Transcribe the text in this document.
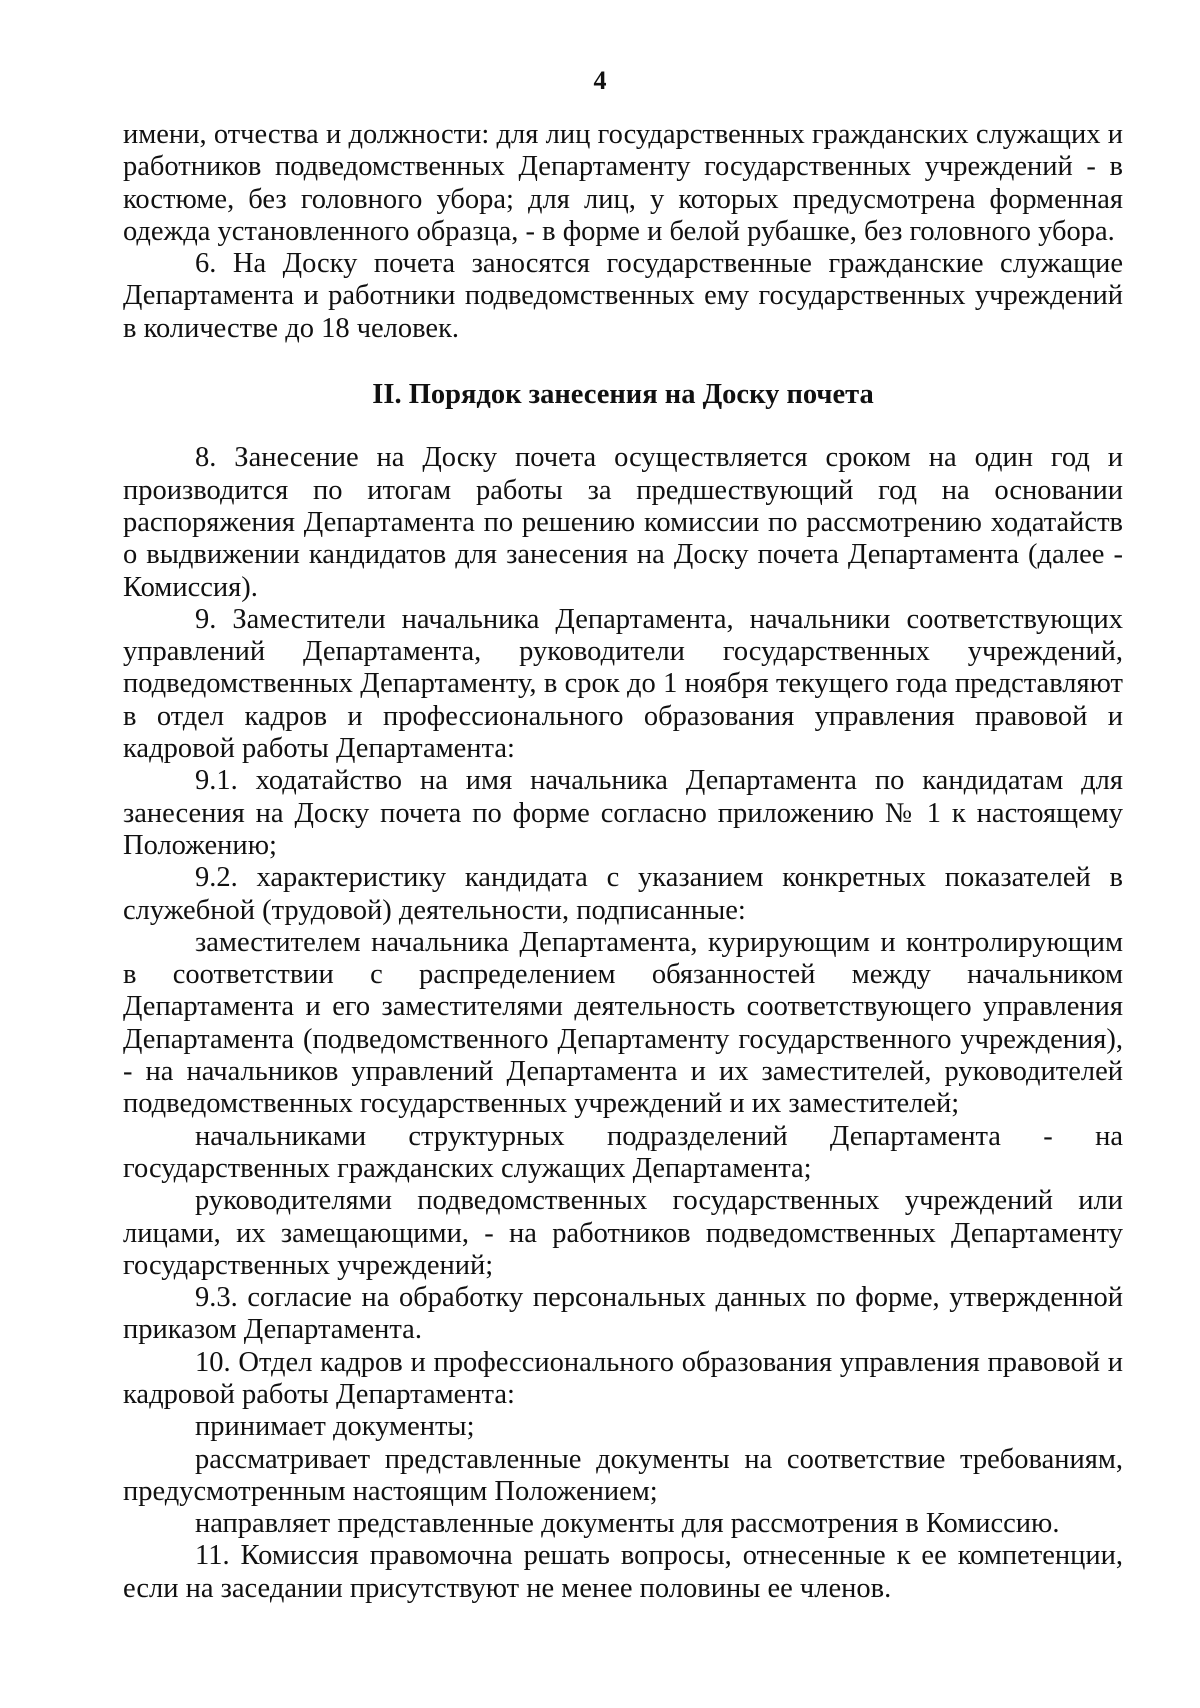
4

имени, отчества и должности: для лиц государственных гражданских служащих и работников подведомственных Департаменту государственных учреждений - в костюме, без головного убора; для лиц, у которых предусмотрена форменная одежда установленного образца, - в форме и белой рубашке, без головного убора.

6. На Доску почета заносятся государственные гражданские служащие Департамента и работники подведомственных ему государственных учреждений в количестве до 18 человек.

II. Порядок занесения на Доску почета

8. Занесение на Доску почета осуществляется сроком на один год и производится по итогам работы за предшествующий год на основании распоряжения Департамента по решению комиссии по рассмотрению ходатайств о выдвижении кандидатов для занесения на Доску почета Департамента (далее - Комиссия).

9. Заместители начальника Департамента, начальники соответствующих управлений Департамента, руководители государственных учреждений, подведомственных Департаменту, в срок до 1 ноября текущего года представляют в отдел кадров и профессионального образования управления правовой и кадровой работы Департамента:

9.1. ходатайство на имя начальника Департамента по кандидатам для занесения на Доску почета по форме согласно приложению № 1 к настоящему Положению;

9.2. характеристику кандидата с указанием конкретных показателей в служебной (трудовой) деятельности, подписанные:

заместителем начальника Департамента, курирующим и контролирующим в соответствии с распределением обязанностей между начальником Департамента и его заместителями деятельность соответствующего управления Департамента (подведомственного Департаменту государственного учреждения), - на начальников управлений Департамента и их заместителей, руководителей подведомственных государственных учреждений и их заместителей;

начальниками структурных подразделений Департамента - на государственных гражданских служащих Департамента;

руководителями подведомственных государственных учреждений или лицами, их замещающими, - на работников подведомственных Департаменту государственных учреждений;

9.3. согласие на обработку персональных данных по форме, утвержденной приказом Департамента.

10. Отдел кадров и профессионального образования управления правовой и кадровой работы Департамента:

принимает документы;

рассматривает представленные документы на соответствие требованиям, предусмотренным настоящим Положением;

направляет представленные документы для рассмотрения в Комиссию.

11. Комиссия правомочна решать вопросы, отнесенные к ее компетенции, если на заседании присутствуют не менее половины ее членов.
